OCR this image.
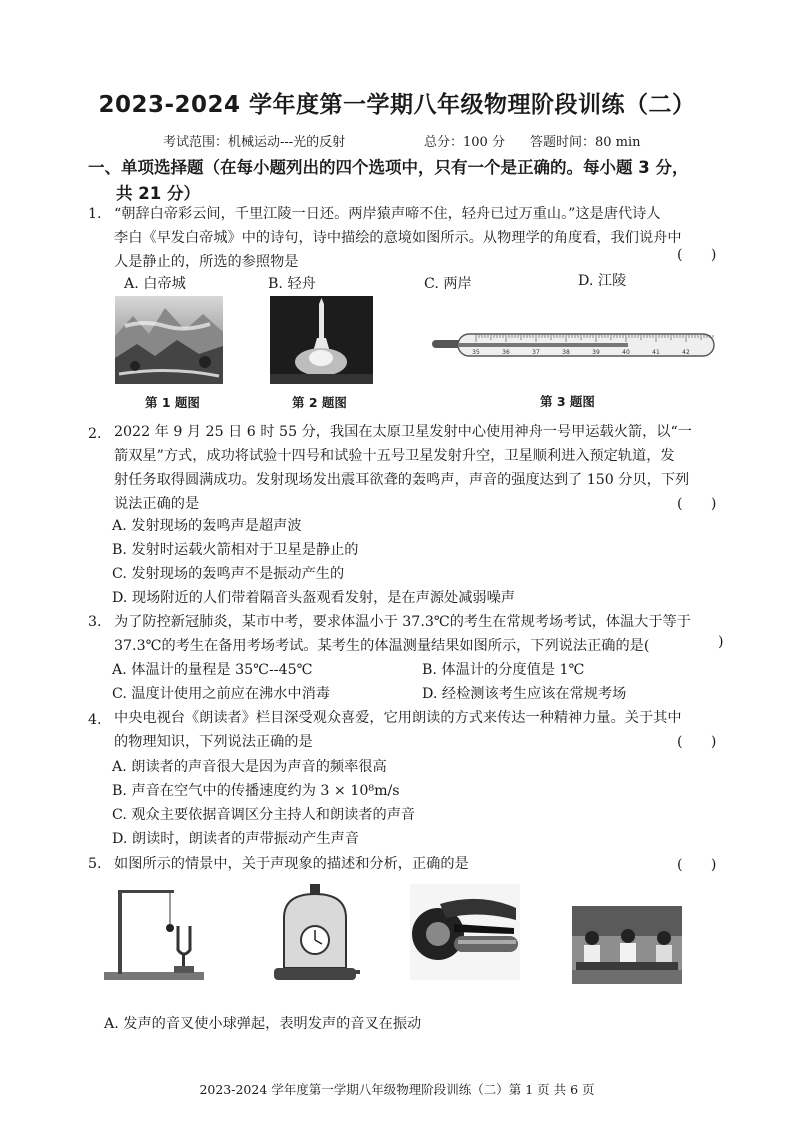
2023-2024 学年度第一学期八年级物理阶段训练（二）
考试范围：机械运动---光的反射	总分：100 分 答题时间：80 min
一、单项选择题（在每小题列出的四个选项中，只有一个是正确的。每小题 3 分，
共 21 分）
1. “朝辞白帝彩云间，千里江陵一日还。两岸猿声啼不住，轻舟已过万重山。”这是唐代诗人
李白《早发白帝城》中的诗句，诗中描绘的意境如图所示。从物理学的角度看，我们说舟中
人是静止的，所选的参照物是	(　　)
A. 白帝城	B. 轻舟	C. 两岸	D. 江陵
第 1 题图	第 2 题图
35	36	37	38	39	40	41	42
第 3 题图
2. 2022 年 9 月 25 日 6 时 55 分，我国在太原卫星发射中心使用神舟一号甲运载火箭，以“一
箭双星”方式，成功将试验十四号和试验十五号卫星发射升空，卫星顺利进入预定轨道，发
射任务取得圆满成功。发射现场发出震耳欲聋的轰鸣声，声音的强度达到了 150 分贝，下列
说法正确的是	(　　)
A. 发射现场的轰鸣声是超声波
B. 发射时运载火箭相对于卫星是静止的
C. 发射现场的轰鸣声不是振动产生的
D. 现场附近的人们带着隔音头盔观看发射，是在声源处减弱噪声
3. 为了防控新冠肺炎，某市中考，要求体温小于 37.3℃的考生在常规考场考试，体温大于等于
37.3℃的考生在备用考场考试。某考生的体温测量结果如图所示，下列说法正确的是(	)
A. 体温计的量程是 35℃--45℃	B. 体温计的分度值是 1℃
C. 温度计使用之前应在沸水中消毒	D. 经检测该考生应该在常规考场
4. 中央电视台《朗读者》栏目深受观众喜爱，它用朗读的方式来传达一种精神力量。关于其中
的物理知识，下列说法正确的是	(　　)
A. 朗读者的声音很大是因为声音的频率很高
B. 声音在空气中的传播速度约为 3 × 10⁸m/s
C. 观众主要依据音调区分主持人和朗读者的声音
D. 朗读时，朗读者的声带振动产生声音
5. 如图所示的情景中，关于声现象的描述和分析，正确的是	(　　)
A. 发声的音叉使小球弹起，表明发声的音叉在振动
2023-2024 学年度第一学期八年级物理阶段训练（二）第 1 页 共 6 页
